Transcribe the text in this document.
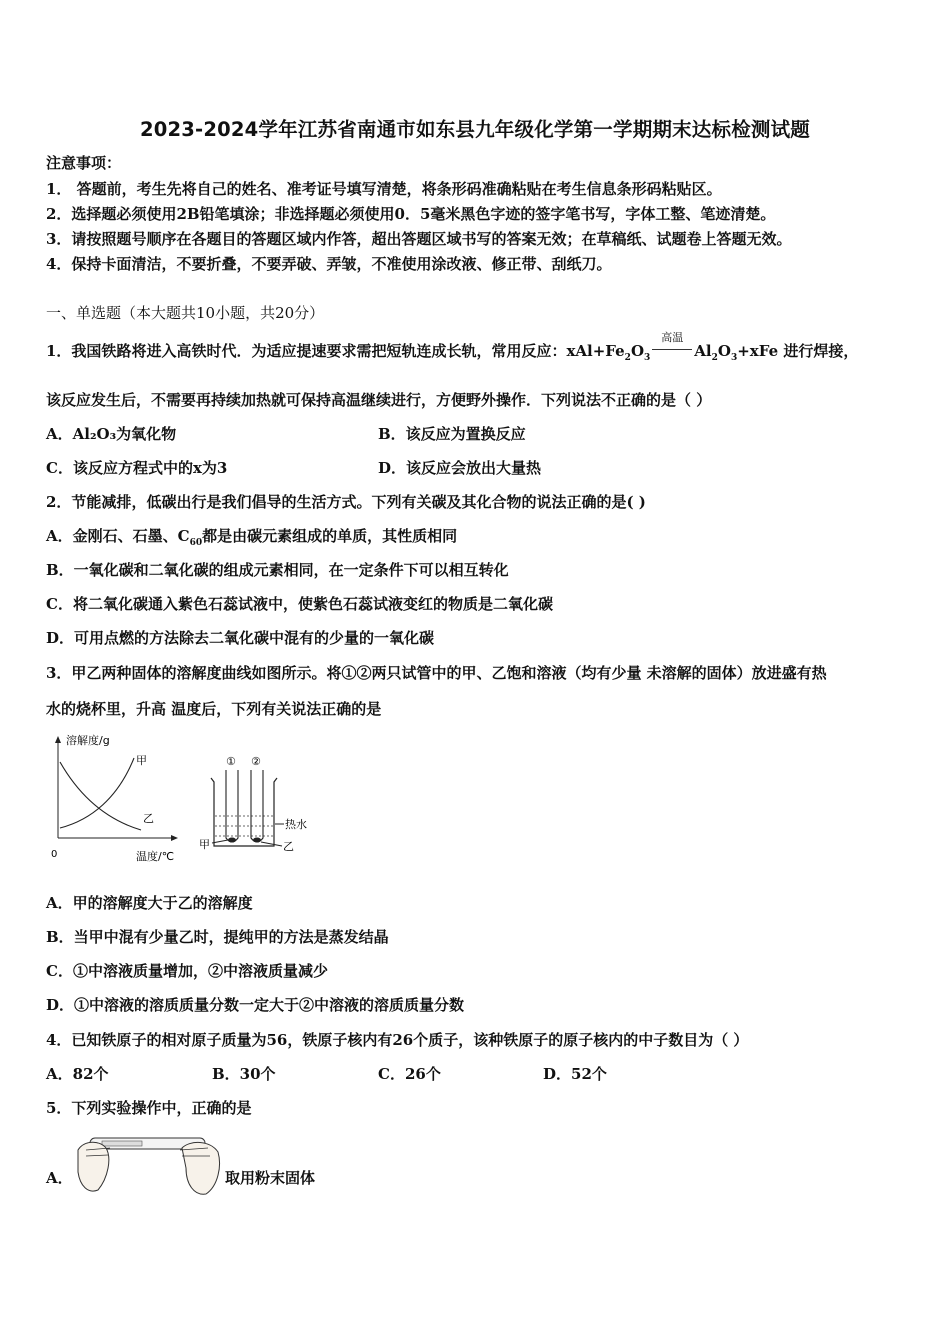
2023-2024学年江苏省南通市如东县九年级化学第一学期期末达标检测试题
注意事项：
1． 答题前，考生先将自己的姓名、准考证号填写清楚，将条形码准确粘贴在考生信息条形码粘贴区。
2．选择题必须使用2B铅笔填涂；非选择题必须使用0．5毫米黑色字迹的签字笔书写，字体工整、笔迹清楚。
3．请按照题号顺序在各题目的答题区域内作答，超出答题区域书写的答案无效；在草稿纸、试题卷上答题无效。
4．保持卡面清洁，不要折叠，不要弄破、弄皱，不准使用涂改液、修正带、刮纸刀。
一、单选题（本大题共10小题，共20分）
1．我国铁路将进入高铁时代．为适应提速要求需把短轨连成长轨，常用反应：$xAl+Fe_2O_3$
高温
$Al_2O_3+xFe$ 进行焊接，
该反应发生后，不需要再持续加热就可保持高温继续进行，方便野外操作．下列说法不正确的是（ ）
A．Al₂O₃为氧化物	B．该反应为置换反应
C．该反应方程式中的x为3	D．该反应会放出大量热
2．节能减排，低碳出行是我们倡导的生活方式。下列有关碳及其化合物的说法正确的是( )
A．金刚石、石墨、$C_{60}$都是由碳元素组成的单质，其性质相同
B．一氧化碳和二氧化碳的组成元素相同，在一定条件下可以相互转化
C．将二氧化碳通入紫色石蕊试液中，使紫色石蕊试液变红的物质是二氧化碳
D．可用点燃的方法除去二氧化碳中混有的少量的一氧化碳
3．甲乙两种固体的溶解度曲线如图所示。将①②两只试管中的甲、乙饱和溶液（均有少量 未溶解的固体）放进盛有热
水的烧杯里，升高 温度后，下列有关说法正确的是
溶解度/g
温度/℃
0
甲
乙
① ②
热水
甲	乙
A．甲的溶解度大于乙的溶解度
B．当甲中混有少量乙时，提纯甲的方法是蒸发结晶
C．①中溶液质量增加，②中溶液质量减少
D．①中溶液的溶质质量分数一定大于②中溶液的溶质质量分数
4．已知铁原子的相对原子质量为56，铁原子核内有26个质子，该种铁原子的原子核内的中子数目为（ ）
A．82个	B．30个	C．26个	D．52个
5．下列实验操作中，正确的是
A．	取用粉末固体
